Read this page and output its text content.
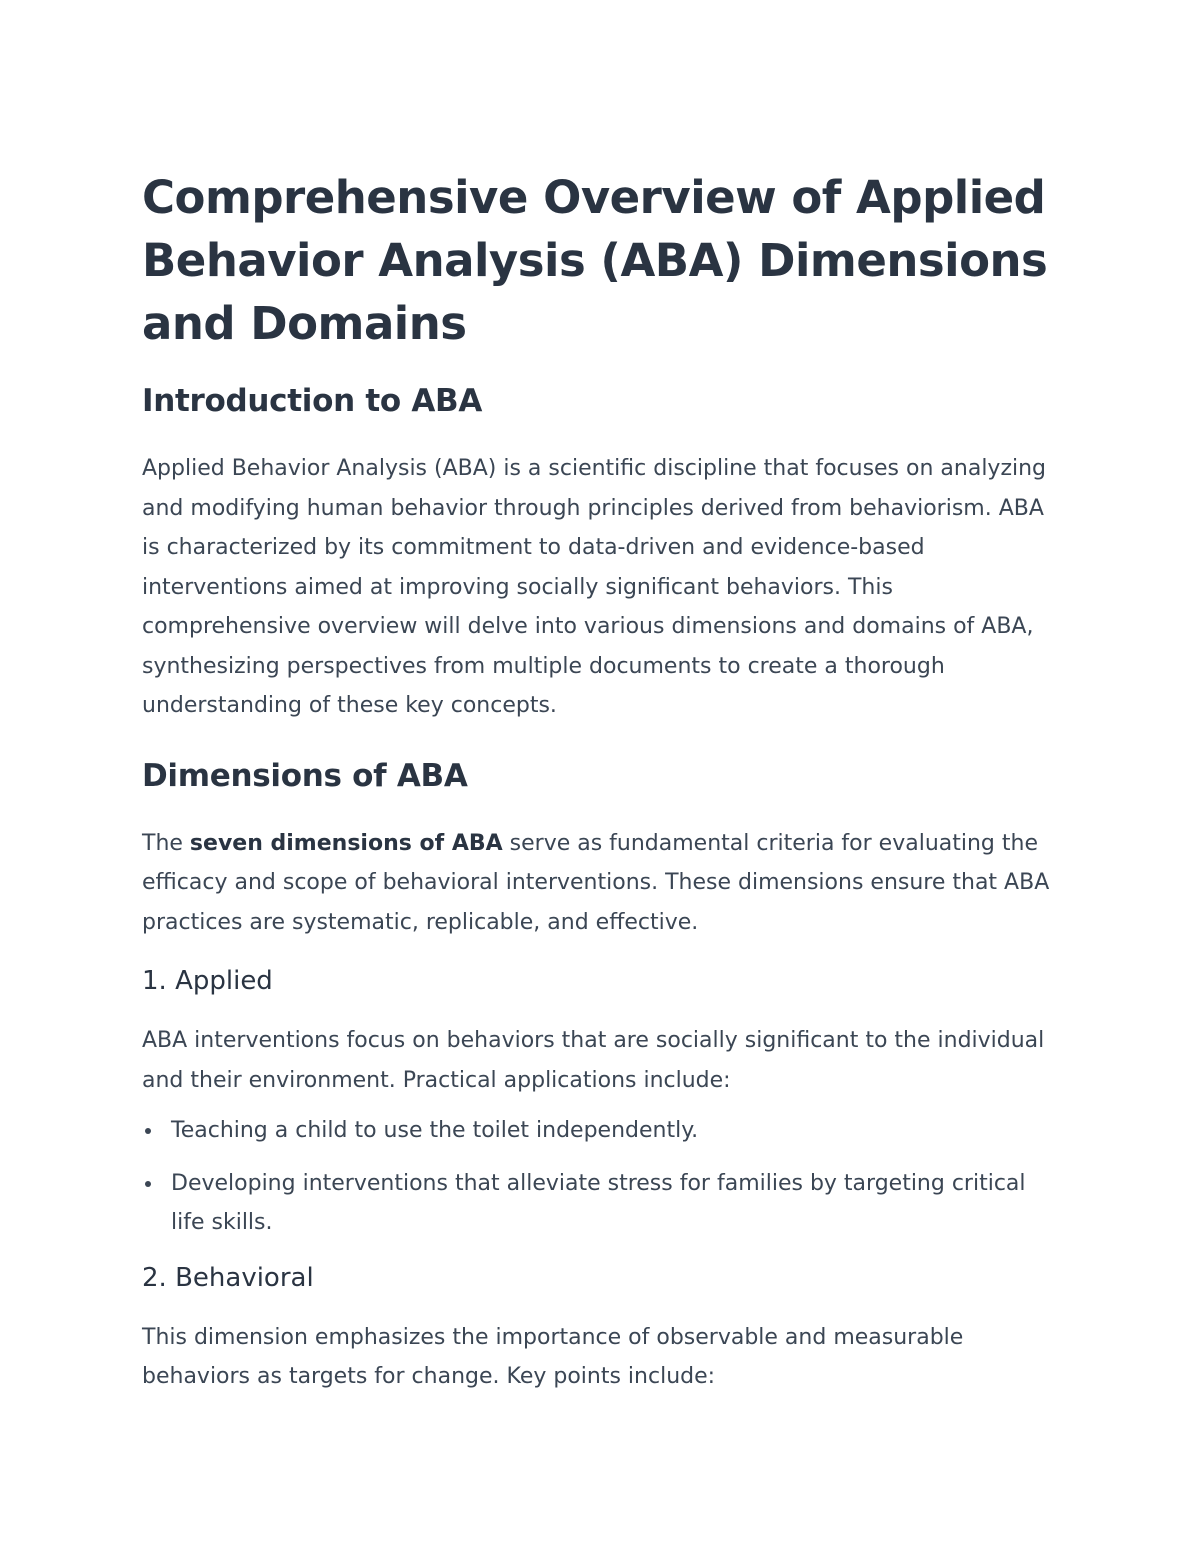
Comprehensive Overview of Applied Behavior Analysis (ABA) Dimensions and Domains
Introduction to ABA

Applied Behavior Analysis (ABA) is a scientific discipline that focuses on analyzing and modifying human behavior through principles derived from behaviorism. ABA is characterized by its commitment to data-driven and evidence-based interventions aimed at improving socially significant behaviors. This comprehensive overview will delve into various dimensions and domains of ABA, synthesizing perspectives from multiple documents to create a thorough understanding of these key concepts.

Dimensions of ABA

The seven dimensions of ABA serve as fundamental criteria for evaluating the efficacy and scope of behavioral interventions. These dimensions ensure that ABA practices are systematic, replicable, and effective.

1. Applied

ABA interventions focus on behaviors that are socially significant to the individual and their environment. Practical applications include:

Teaching a child to use the toilet independently.
Developing interventions that alleviate stress for families by targeting critical life skills.
2. Behavioral

This dimension emphasizes the importance of observable and measurable behaviors as targets for change. Key points include:
